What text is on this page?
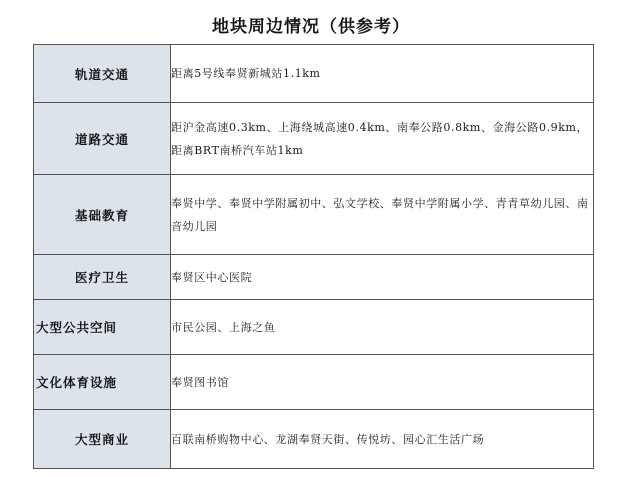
地块周边情况（供参考）
轨道交通	距离5号线奉贤新城站1.1km
道路交通	距沪金高速0.3km、上海绕城高速0.4km、南奉公路0.8km、金海公路0.9km，距离BRT南桥汽车站1km
基础教育	奉贤中学、奉贤中学附属初中、弘文学校、奉贤中学附属小学、青青草幼儿园、南音幼儿园
医疗卫生	奉贤区中心医院
大型公共空间	市民公园、上海之鱼
文化体育设施	奉贤图书馆
大型商业	百联南桥购物中心、龙湖奉贤天街、传悦坊、园心汇生活广场
